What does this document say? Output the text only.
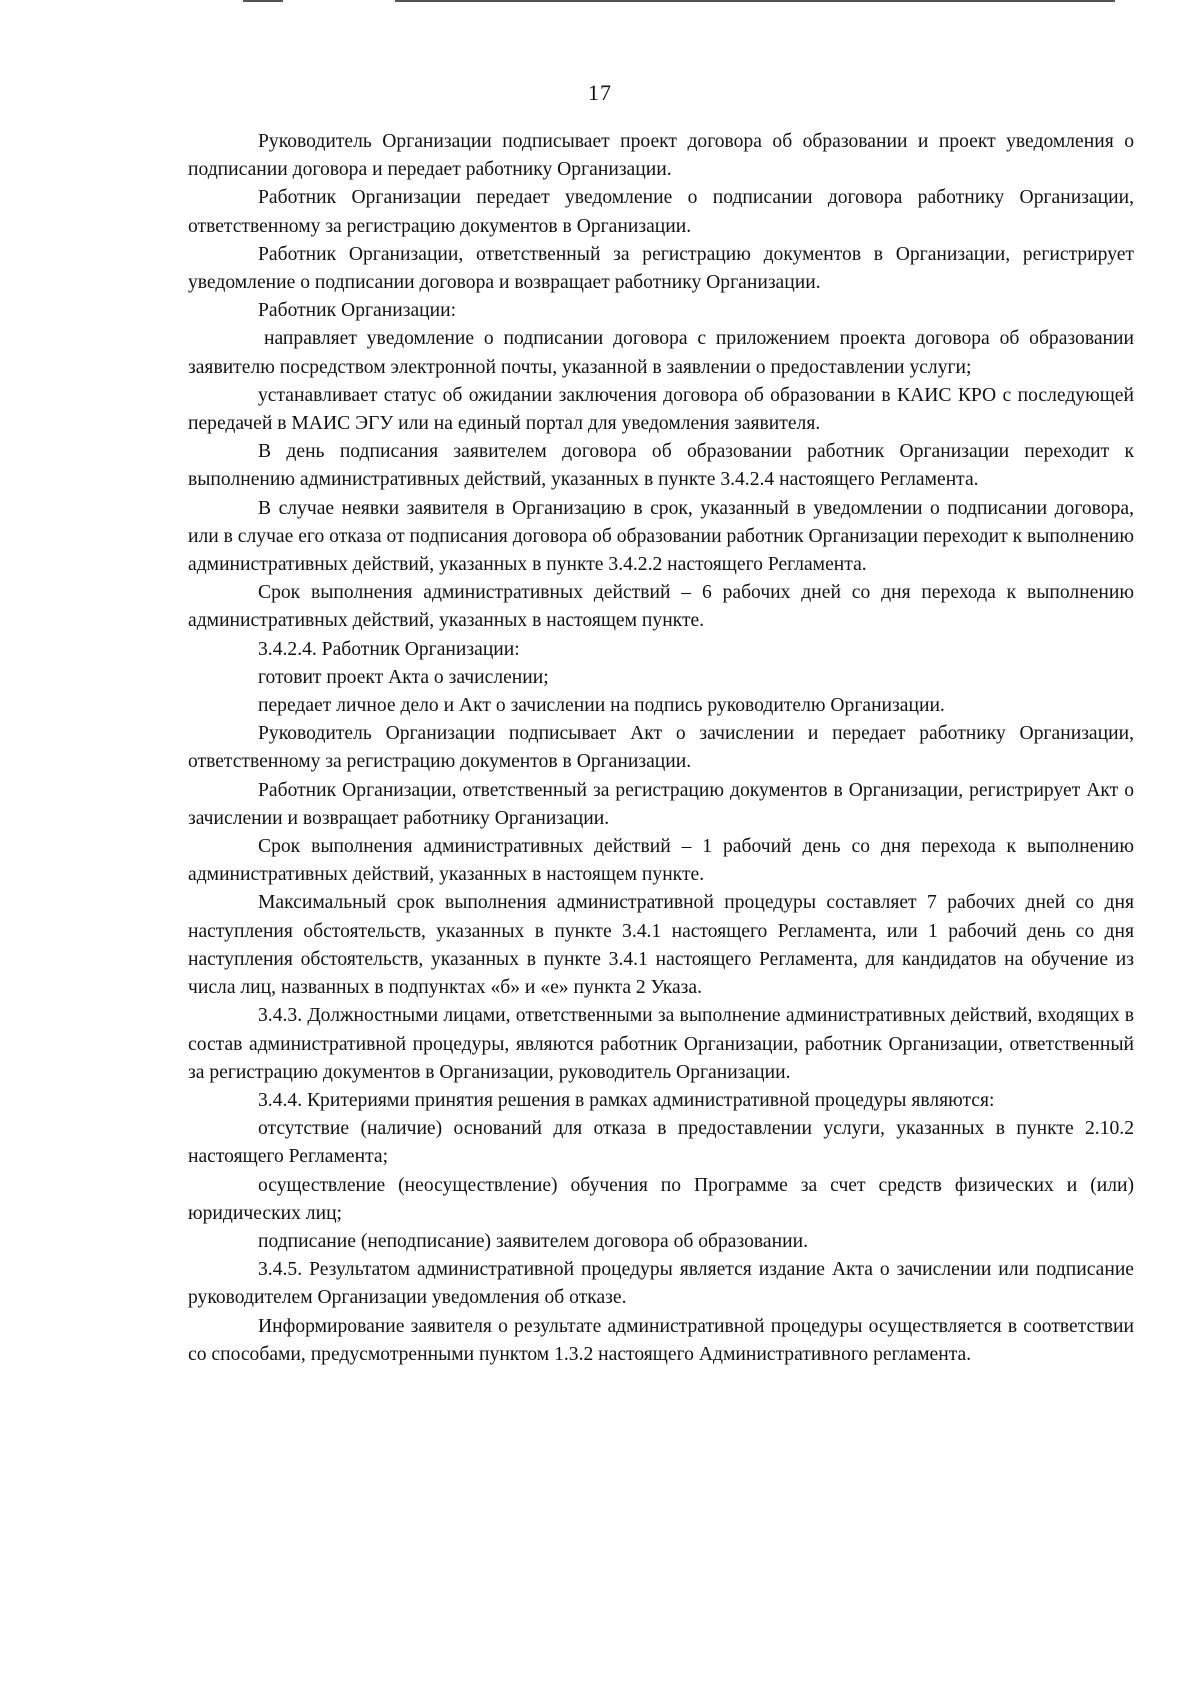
17

Руководитель Организации подписывает проект договора об образовании и проект уведомления о подписании договора и передает работнику Организации.

Работник Организации передает уведомление о подписании договора работнику Организации, ответственному за регистрацию документов в Организации.

Работник Организации, ответственный за регистрацию документов в Организации, регистрирует уведомление о подписании договора и возвращает работнику Организации.

Работник Организации:

направляет уведомление о подписании договора с приложением проекта договора об образовании заявителю посредством электронной почты, указанной в заявлении о предоставлении услуги;

устанавливает статус об ожидании заключения договора об образовании в КАИС КРО с последующей передачей в МАИС ЭГУ или на единый портал для уведомления заявителя.

В день подписания заявителем договора об образовании работник Организации переходит к выполнению административных действий, указанных в пункте 3.4.2.4 настоящего Регламента.

В случае неявки заявителя в Организацию в срок, указанный в уведомлении о подписании договора, или в случае его отказа от подписания договора об образовании работник Организации переходит к выполнению административных действий, указанных в пункте 3.4.2.2 настоящего Регламента.

Срок выполнения административных действий – 6 рабочих дней со дня перехода к выполнению административных действий, указанных в настоящем пункте.

3.4.2.4. Работник Организации:

готовит проект Акта о зачислении;

передает личное дело и Акт о зачислении на подпись руководителю Организации.

Руководитель Организации подписывает Акт о зачислении и передает работнику Организации, ответственному за регистрацию документов в Организации.

Работник Организации, ответственный за регистрацию документов в Организации, регистрирует Акт о зачислении и возвращает работнику Организации.

Срок выполнения административных действий – 1 рабочий день со дня перехода к выполнению административных действий, указанных в настоящем пункте.

Максимальный срок выполнения административной процедуры составляет 7 рабочих дней со дня наступления обстоятельств, указанных в пункте 3.4.1 настоящего Регламента, или 1 рабочий день со дня наступления обстоятельств, указанных в пункте 3.4.1 настоящего Регламента, для кандидатов на обучение из числа лиц, названных в подпунктах «б» и «е» пункта 2 Указа.

3.4.3. Должностными лицами, ответственными за выполнение административных действий, входящих в состав административной процедуры, являются работник Организации, работник Организации, ответственный за регистрацию документов в Организации, руководитель Организации.

3.4.4. Критериями принятия решения в рамках административной процедуры являются:

отсутствие (наличие) оснований для отказа в предоставлении услуги, указанных в пункте 2.10.2 настоящего Регламента;

осуществление (неосуществление) обучения по Программе за счет средств физических и (или) юридических лиц;

подписание (неподписание) заявителем договора об образовании.

3.4.5. Результатом административной процедуры является издание Акта о зачислении или подписание руководителем Организации уведомления об отказе.

Информирование заявителя о результате административной процедуры осуществляется в соответствии со способами, предусмотренными пунктом 1.3.2 настоящего Административного регламента.
